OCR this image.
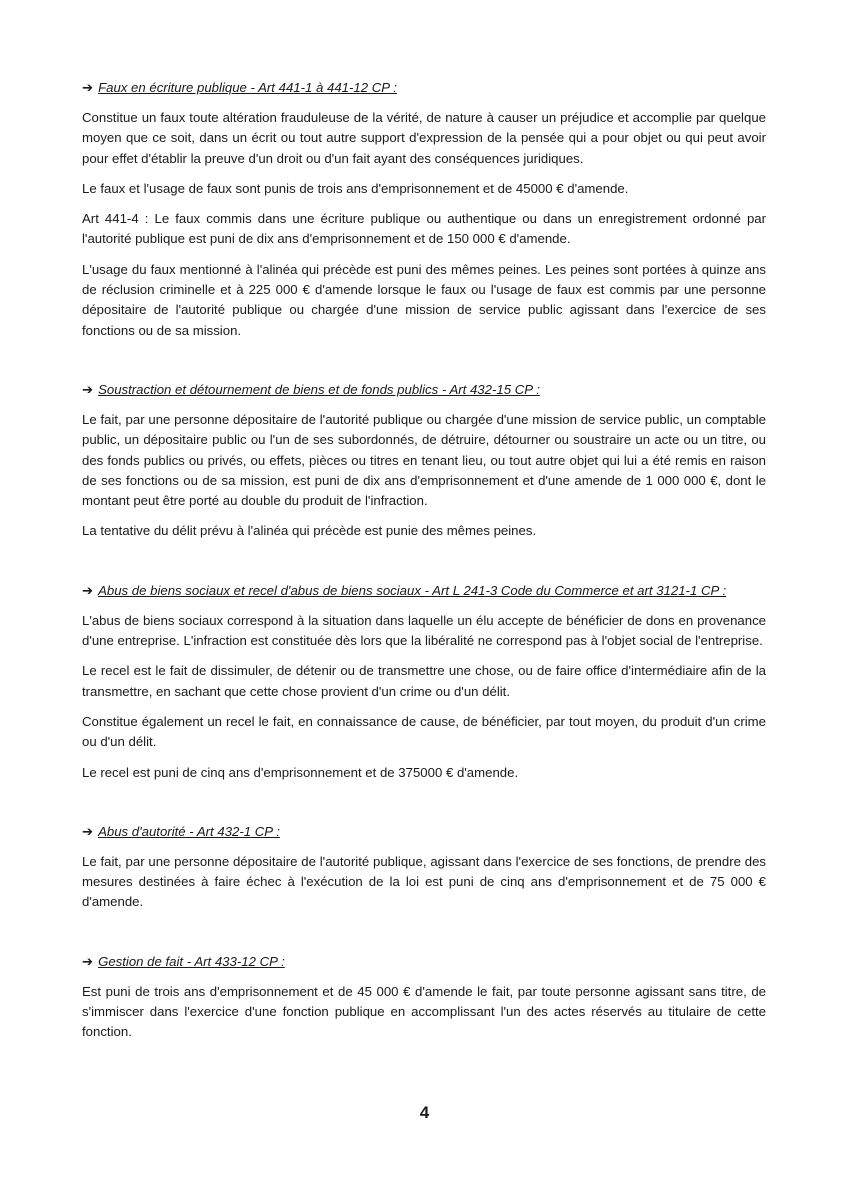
➔ Faux en écriture publique - Art 441-1 à 441-12 CP :

Constitue un faux toute altération frauduleuse de la vérité, de nature à causer un préjudice et accomplie par quelque moyen que ce soit, dans un écrit ou tout autre support d'expression de la pensée qui a pour objet ou qui peut avoir pour effet d'établir la preuve d'un droit ou d'un fait ayant des conséquences juridiques.

Le faux et l'usage de faux sont punis de trois ans d'emprisonnement et de 45000 € d'amende.

Art 441-4 : Le faux commis dans une écriture publique ou authentique ou dans un enregistrement ordonné par l'autorité publique est puni de dix ans d'emprisonnement et de 150 000 € d'amende.

L'usage du faux mentionné à l'alinéa qui précède est puni des mêmes peines. Les peines sont portées à quinze ans de réclusion criminelle et à 225 000 € d'amende lorsque le faux ou l'usage de faux est commis par une personne dépositaire de l'autorité publique ou chargée d'une mission de service public agissant dans l'exercice de ses fonctions ou de sa mission.

➔ Soustraction et détournement de biens et de fonds publics - Art 432-15 CP :

Le fait, par une personne dépositaire de l'autorité publique ou chargée d'une mission de service public, un comptable public, un dépositaire public ou l'un de ses subordonnés, de détruire, détourner ou soustraire un acte ou un titre, ou des fonds publics ou privés, ou effets, pièces ou titres en tenant lieu, ou tout autre objet qui lui a été remis en raison de ses fonctions ou de sa mission, est puni de dix ans d'emprisonnement et d'une amende de 1 000 000 €, dont le montant peut être porté au double du produit de l'infraction.

La tentative du délit prévu à l'alinéa qui précède est punie des mêmes peines.

➔ Abus de biens sociaux et recel d'abus de biens sociaux - Art L 241-3 Code du Commerce et art 3121-1 CP :

L'abus de biens sociaux correspond à la situation dans laquelle un élu accepte de bénéficier de dons en provenance d'une entreprise. L'infraction est constituée dès lors que la libéralité ne correspond pas à l'objet social de l'entreprise.

Le recel est le fait de dissimuler, de détenir ou de transmettre une chose, ou de faire office d'intermédiaire afin de la transmettre, en sachant que cette chose provient d'un crime ou d'un délit.

Constitue également un recel le fait, en connaissance de cause, de bénéficier, par tout moyen, du produit d'un crime ou d'un délit.

Le recel est puni de cinq ans d'emprisonnement et de 375000 € d'amende.

➔ Abus d'autorité - Art 432-1 CP :

Le fait, par une personne dépositaire de l'autorité publique, agissant dans l'exercice de ses fonctions, de prendre des mesures destinées à faire échec à l'exécution de la loi est puni de cinq ans d'emprisonnement et de 75 000 € d'amende.

➔ Gestion de fait - Art 433-12 CP :

Est puni de trois ans d'emprisonnement et de 45 000 € d'amende le fait, par toute personne agissant sans titre, de s'immiscer dans l'exercice d'une fonction publique en accomplissant l'un des actes réservés au titulaire de cette fonction.

4
